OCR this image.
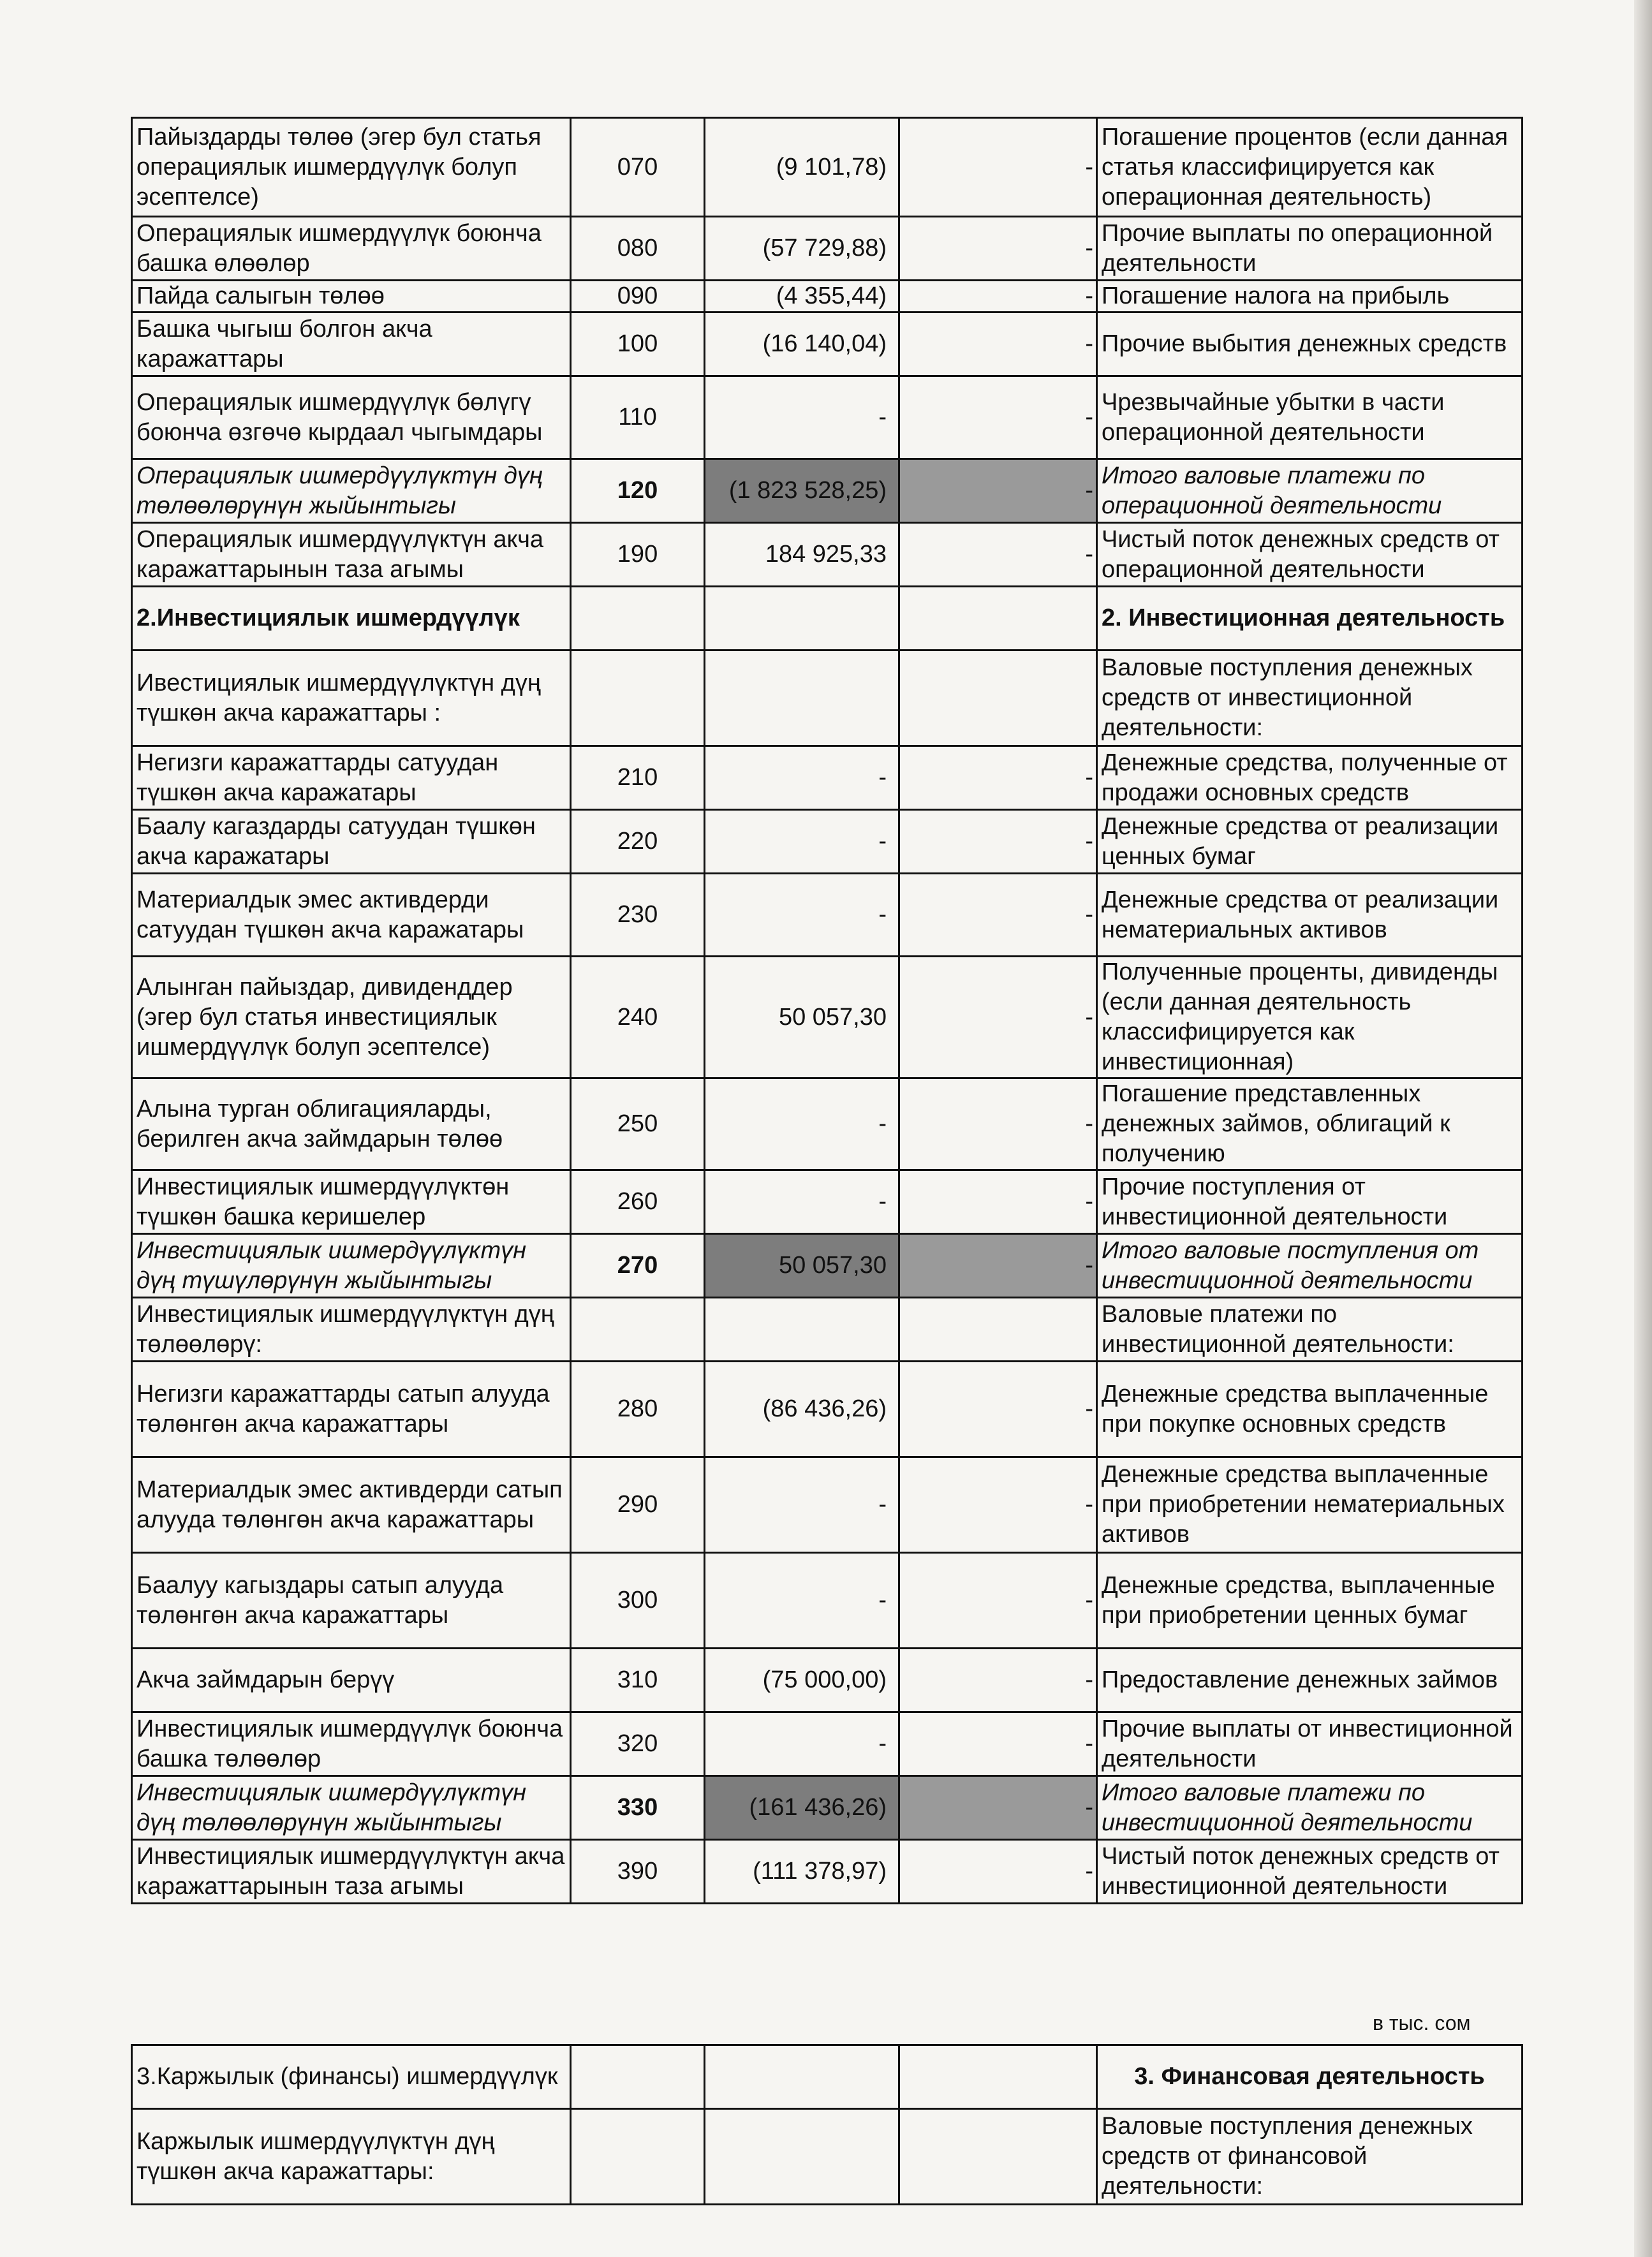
Пайыздарды төлөө (эгер бул статья операциялык ишмердүүлүк болуп эсептелсе)	070	(9 101,78)	-	Погашение процентов (если данная статья классифицируется как операционная деятельность)
Операциялык ишмердүүлүк боюнча башка өлөөлөр	080	(57 729,88)	-	Прочие выплаты по операционной деятельности
Пайда салыгын төлөө	090	(4 355,44)	-	Погашение налога на прибыль
Башка чыгыш болгон акча каражаттары	100	(16 140,04)	-	Прочие выбытия денежных средств
Операциялык ишмердүүлүк бөлүгү боюнча өзгөчө кырдаал чыгымдары	110	-	-	Чрезвычайные убытки в части операционной деятельности
Операциялык ишмердүүлүктүн дүң төлөөлөрүнүн жыйынтыгы	120	(1 823 528,25)	-	Итого валовые платежи по операционной деятельности
Операциялык ишмердүүлүктүн акча каражаттарынын таза агымы	190	184 925,33	-	Чистый поток денежных средств от операционной деятельности
2.Инвестициялык ишмердүүлүк				2. Инвестиционная деятельность
Ивестициялык ишмердүүлүктүн дүң түшкөн акча каражаттары :				Валовые поступления денежных средств от инвестиционной деятельности:
Негизги каражаттарды сатуудан түшкөн акча каражатары	210	-	-	Денежные средства, полученные от продажи основных средств
Баалу кагаздарды сатуудан түшкөн акча каражатары	220	-	-	Денежные средства от реализации ценных бумаг
Материалдык эмес активдерди сатуудан түшкөн акча каражатары	230	-	-	Денежные средства от реализации нематериальных активов
Алынган пайыздар, дивиденддер (эгер бул статья инвестициялык ишмердүүлүк болуп эсептелсе)	240	50 057,30	-	Полученные проценты, дивиденды (если данная деятельность классифицируется как инвестиционная)
Алына турган облигацияларды, берилген акча займдарын төлөө	250	-	-	Погашение представленных денежных займов, облигаций к получению
Инвестициялык ишмердүүлүктөн түшкөн башка керишелер	260	-	-	Прочие поступления от инвестиционной деятельности
Инвестициялык ишмердүүлүктүн дүң түшүлөрүнүн жыйынтыгы	270	50 057,30	-	Итого валовые поступления от инвестиционной деятельности
Инвестициялык ишмердүүлүктүн дүң төлөөлөрү:				Валовые платежи по инвестиционной деятельности:
Негизги каражаттарды сатып алууда төлөнгөн акча каражаттары	280	(86 436,26)	-	Денежные средства выплаченные при покупке основных средств
Материалдык эмес активдерди сатып алууда төлөнгөн акча каражаттары	290	-	-	Денежные средства выплаченные при приобретении нематериальных активов
Баалуу кагыздары сатып алууда төлөнгөн акча каражаттары	300	-	-	Денежные средства, выплаченные при приобретении ценных бумаг
Акча займдарын берүү	310	(75 000,00)	-	Предоставление денежных займов
Инвестициялык ишмердүүлүк боюнча башка төлөөлөр	320	-	-	Прочие выплаты от инвестиционной деятельности
Инвестициялык ишмердүүлүктүн дүң төлөөлөрүнүн жыйынтыгы	330	(161 436,26)	-	Итого валовые платежи по инвестиционной деятельности
Инвестициялык ишмердүүлүктүн акча каражаттарынын таза агымы	390	(111 378,97)	-	Чистый поток денежных средств от инвестиционной деятельности
в тыс. сом
3.Каржылык (финансы) ишмердүүлүк				3. Финансовая деятельность
Каржылык ишмердүүлүктүн дүң түшкөн акча каражаттары:				Валовые поступления денежных средств от финансовой деятельности:
